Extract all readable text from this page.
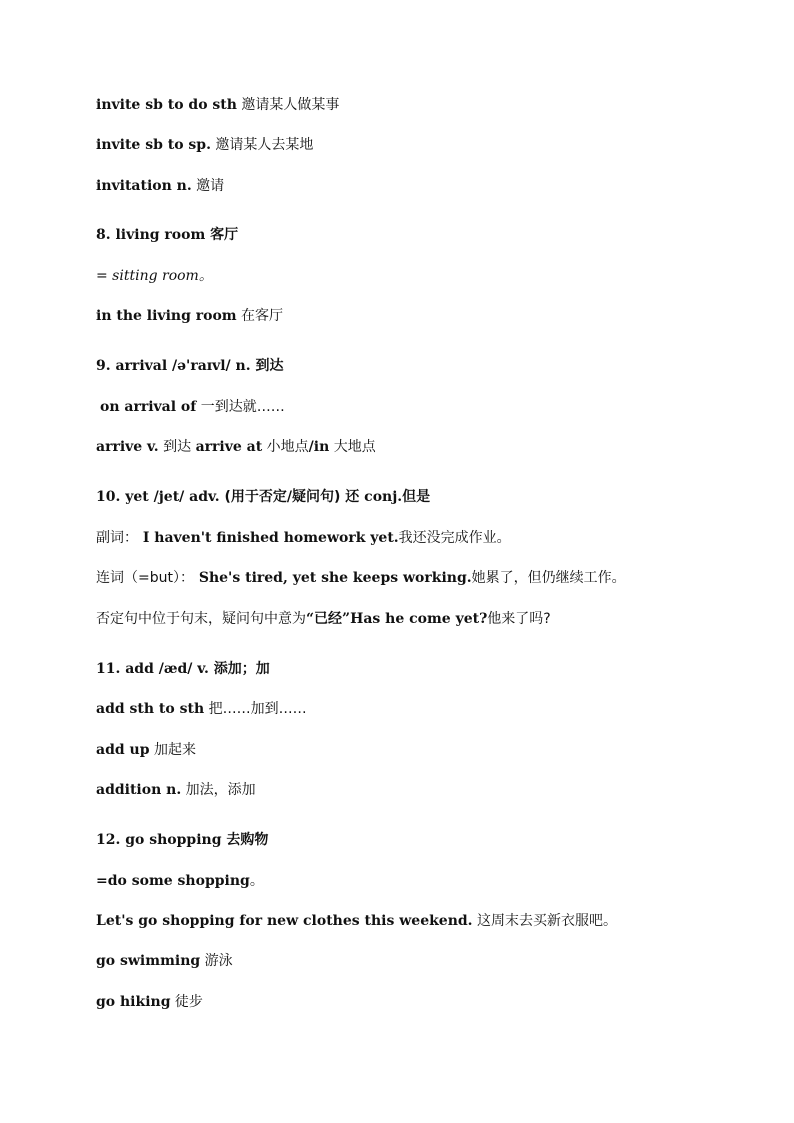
invite sb to do sth 邀请某人做某事
invite sb to sp. 邀请某人去某地
invitation n. 邀请
8. living room 客厅
= sitting room。
in the living room 在客厅
9. arrival /ə'raɪvl/ n. 到达
on arrival of 一到达就……
arrive v. 到达 arrive at 小地点/in 大地点
10. yet /jet/ adv. (用于否定/疑问句) 还 conj.但是
副词： I haven't finished homework yet.我还没完成作业。
连词（=but）： She's tired, yet she keeps working.她累了，但仍继续工作。
否定句中位于句末，疑问句中意为“已经”Has he come yet?他来了吗?
11. add /æd/ v. 添加；加
add sth to sth 把……加到……
add up 加起来
addition n. 加法，添加
12. go shopping 去购物
=do some shopping。
Let's go shopping for new clothes this weekend. 这周末去买新衣服吧。
go swimming 游泳
go hiking 徒步
